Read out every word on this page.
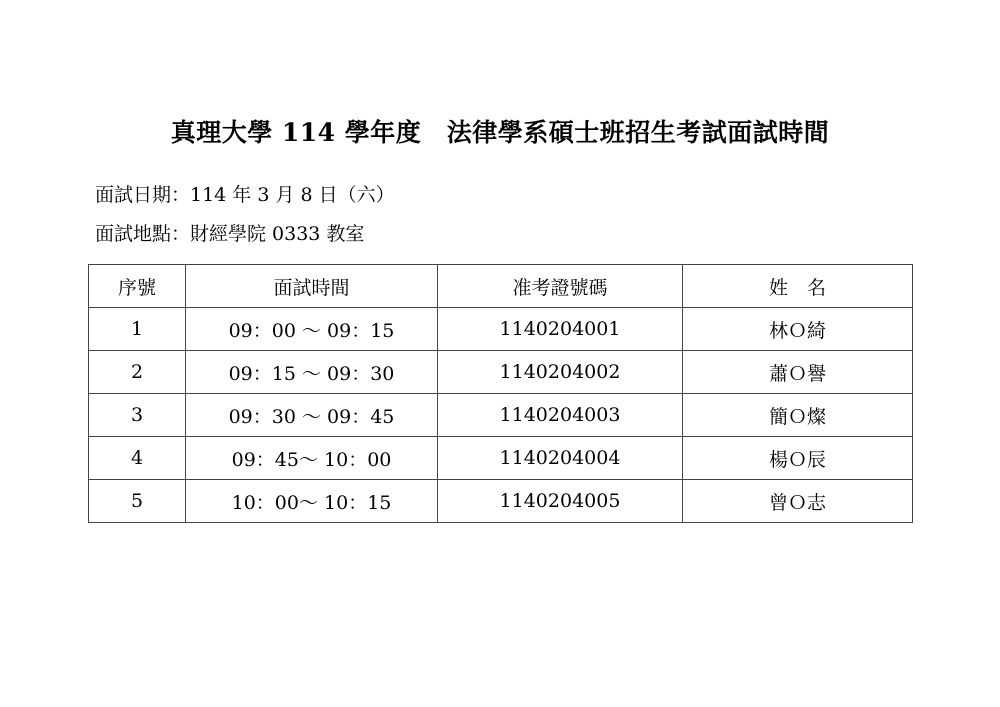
真理大學 114 學年度　法律學系碩士班招生考試面試時間
面試日期：114 年 3 月 8 日（六）
面試地點：財經學院 0333 教室
序號	面試時間	准考證號碼	姓　名
1	09：00 ～ 09：15	1140204001	林Ｏ綺
2	09：15 ～ 09：30	1140204002	蕭Ｏ譽
3	09：30 ～ 09：45	1140204003	簡Ｏ燦
4	09：45～ 10：00	1140204004	楊Ｏ辰
5	10：00～ 10：15	1140204005	曾Ｏ志
